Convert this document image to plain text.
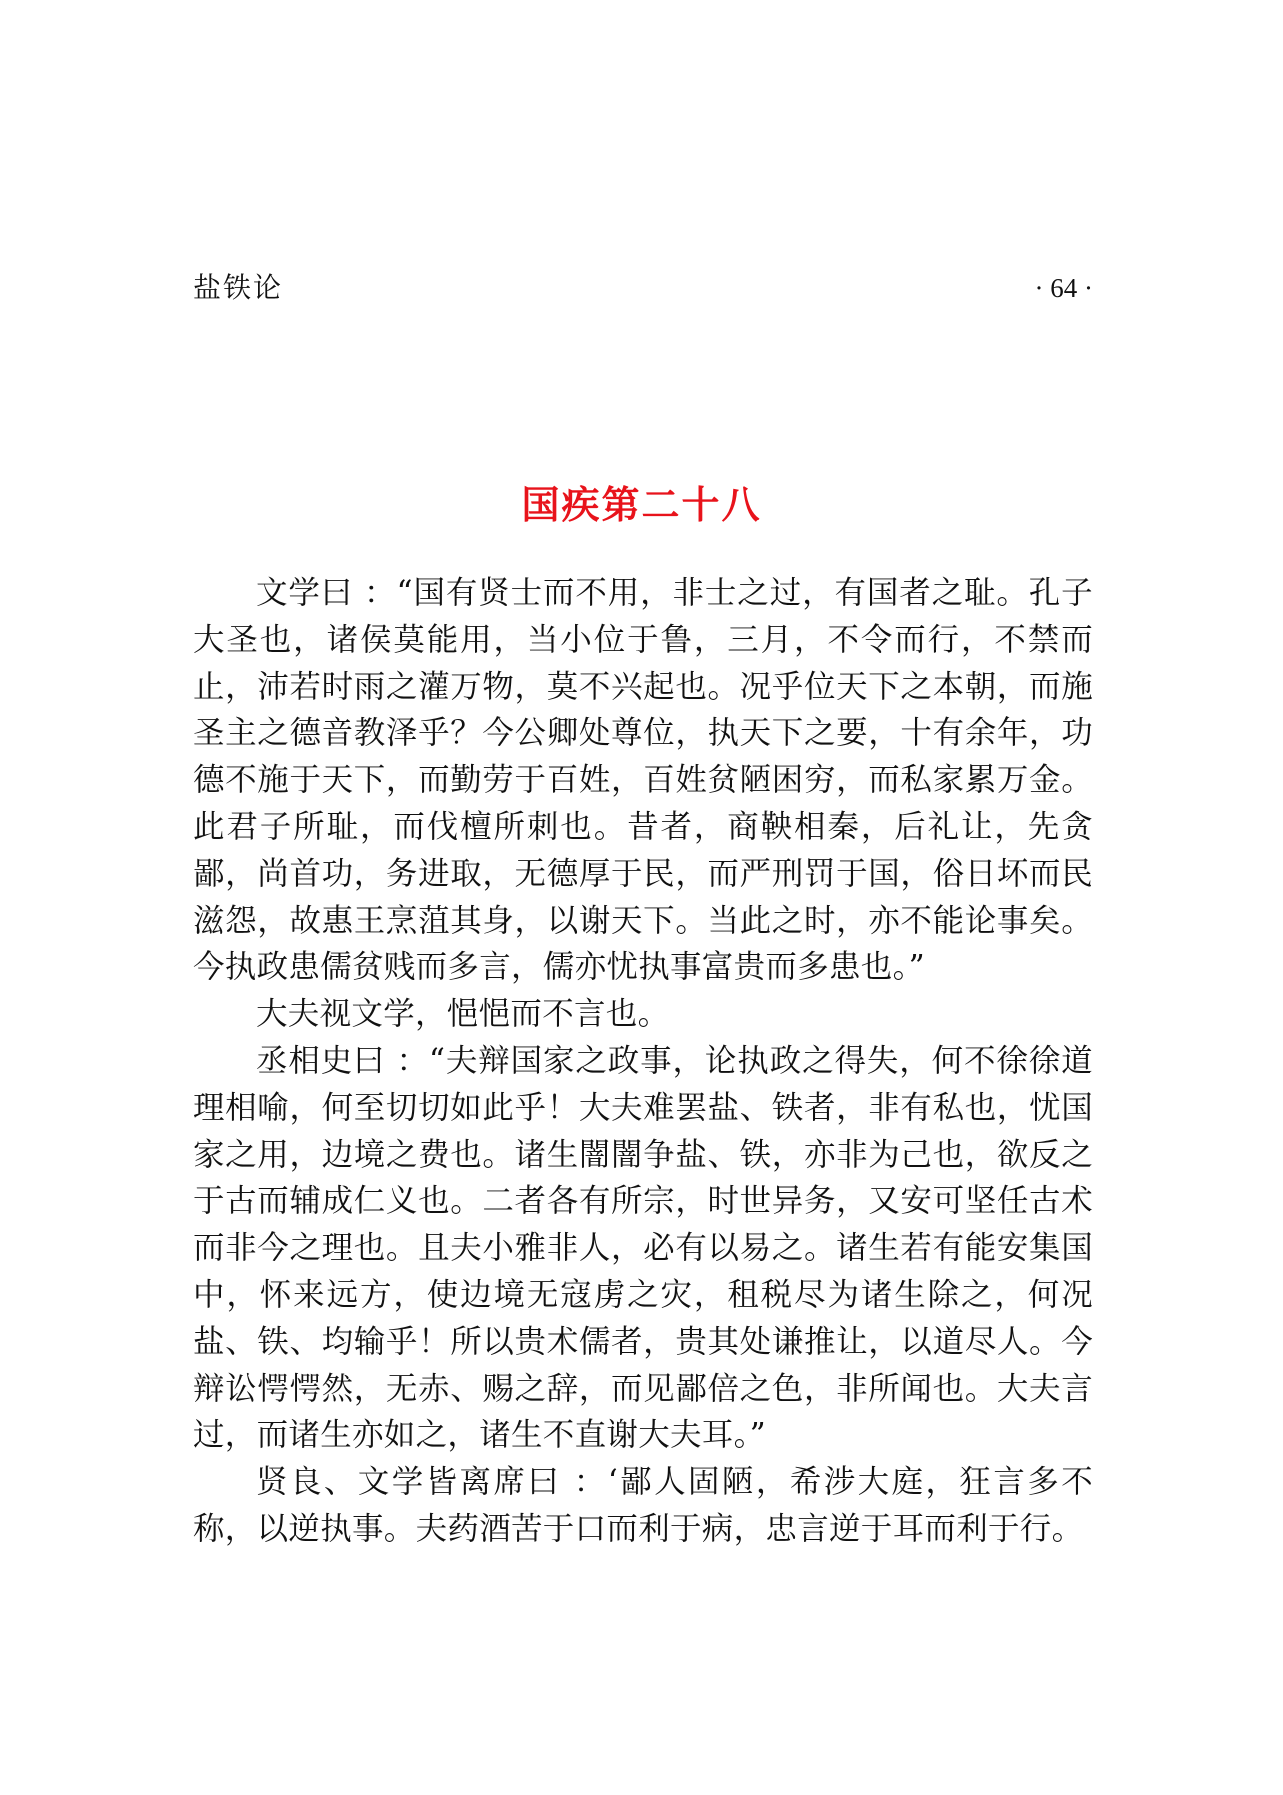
盐铁论	· 64 ·
国疾第二十八

文学曰 ：“国有贤士而不用，非士之过，有国者之耻。孔子大圣也，诸侯莫能用，当小位于鲁，三月，不令而行，不禁而止，沛若时雨之灌万物，莫不兴起也。况乎位天下之本朝，而施圣主之德音教泽乎？今公卿处尊位，执天下之要，十有余年，功德不施于天下，而勤劳于百姓，百姓贫陋困穷，而私家累万金。此君子所耻，而伐檀所刺也。昔者，商鞅相秦，后礼让，先贪鄙，尚首功，务进取，无德厚于民，而严刑罚于国，俗日坏而民滋怨，故惠王烹菹其身，以谢天下。当此之时，亦不能论事矣。今执政患儒贫贱而多言，儒亦忧执事富贵而多患也。”

大夫视文学，悒悒而不言也。

丞相史曰 ：“夫辩国家之政事，论执政之得失，何不徐徐道理相喻，何至切切如此乎！大夫难罢盐、铁者，非有私也，忧国家之用，边境之费也。诸生闇闇争盐、铁，亦非为己也，欲反之于古而辅成仁义也。二者各有所宗，时世异务，又安可坚任古术而非今之理也。且夫小雅非人，必有以易之。诸生若有能安集国中，怀来远方，使边境无寇虏之灾，租税尽为诸生除之，何况盐、铁、均输乎！所以贵术儒者，贵其处谦推让，以道尽人。今辩讼愕愕然，无赤、赐之辞，而见鄙倍之色，非所闻也。大夫言过，而诸生亦如之，诸生不直谢大夫耳。”

贤良、文学皆离席曰 ：‘鄙人固陋，希涉大庭，狂言多不称，以逆执事。夫药酒苦于口而利于病，忠言逆于耳而利于行。
